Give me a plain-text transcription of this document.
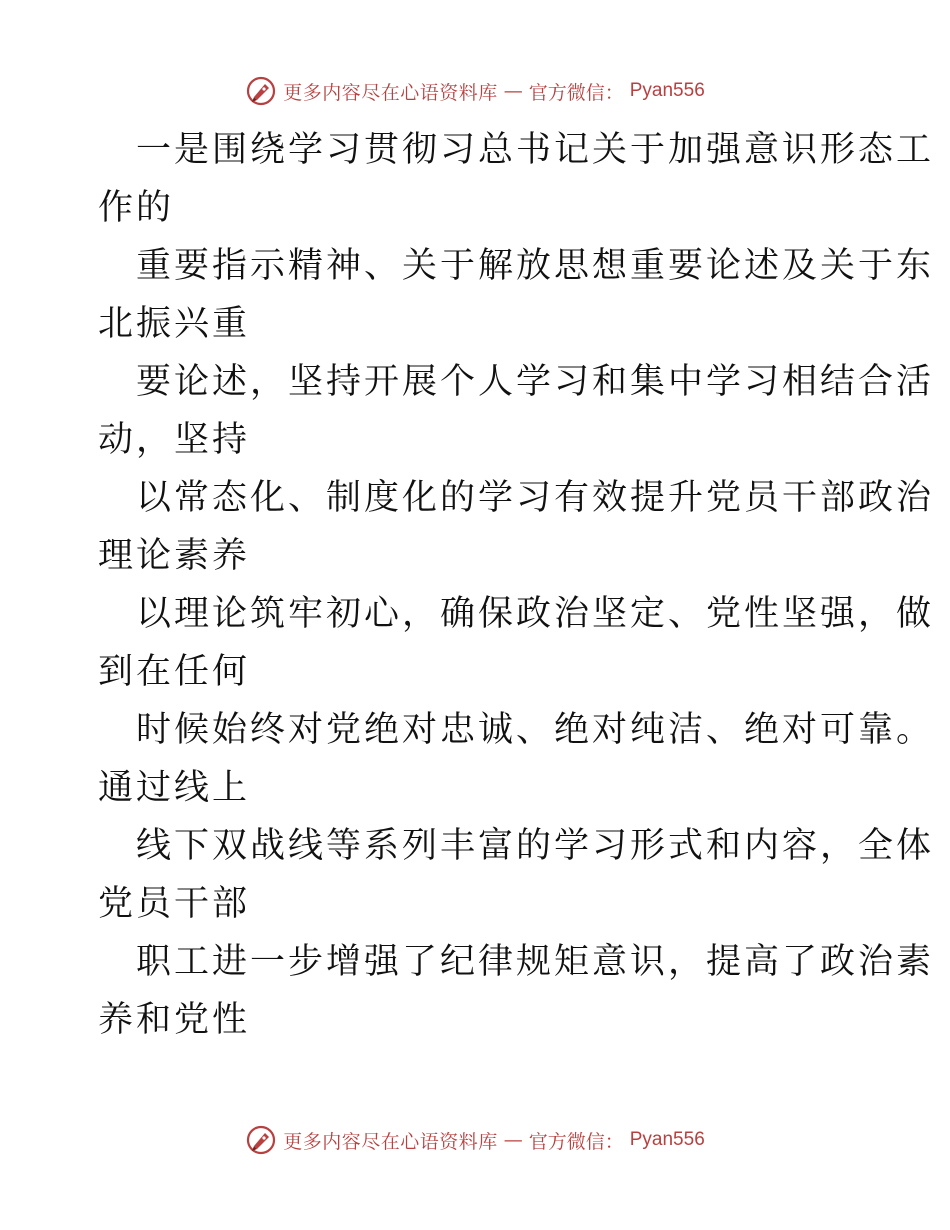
更多内容尽在心语资料库 — 官方微信： Pyan556
一是围绕学习贯彻习总书记关于加强意识形态工
作的
重要指示精神、关于解放思想重要论述及关于东
北振兴重
要论述，坚持开展个人学习和集中学习相结合活
动，坚持
以常态化、制度化的学习有效提升党员干部政治
理论素养
以理论筑牢初心，确保政治坚定、党性坚强，做
到在任何
时候始终对党绝对忠诚、绝对纯洁、绝对可靠。
通过线上
线下双战线等系列丰富的学习形式和内容，全体
党员干部
职工进一步增强了纪律规矩意识，提高了政治素
养和党性
更多内容尽在心语资料库 — 官方微信： Pyan556
